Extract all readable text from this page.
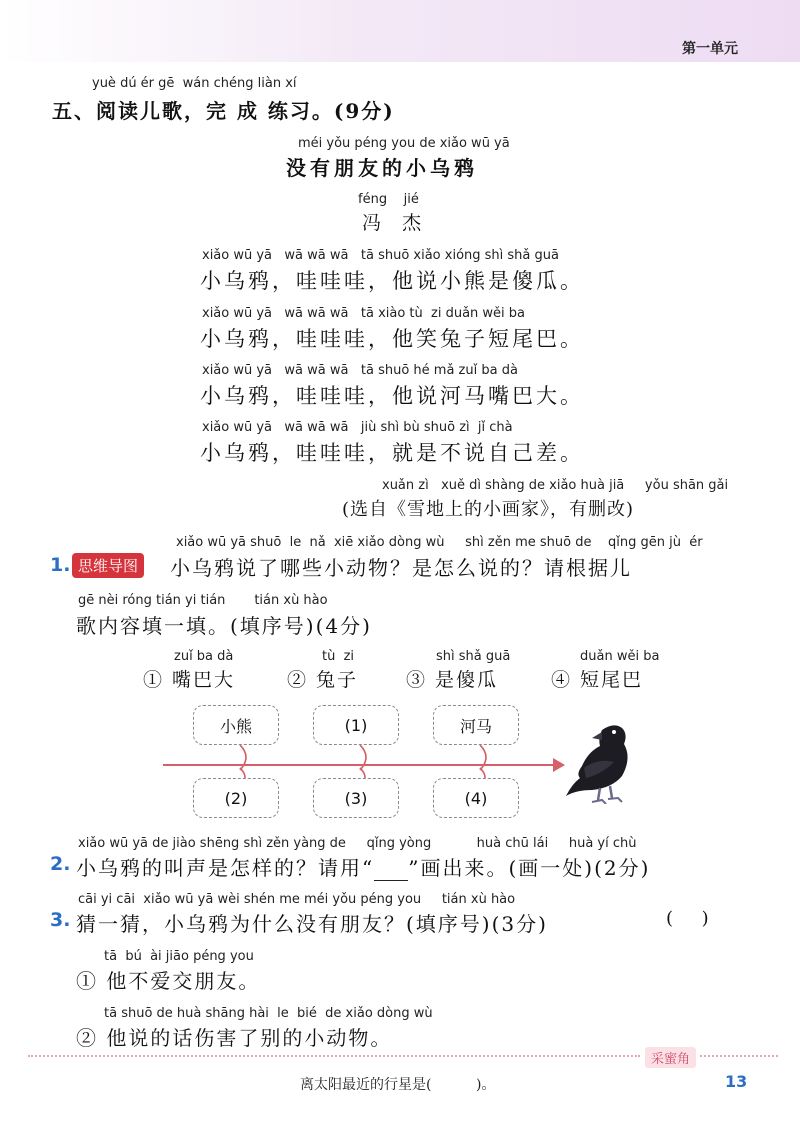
第一单元
yuè dú ér gē  wán chéng liàn xí
五、阅读儿歌，完 成 练习。(9分)
méi yǒu péng you de xiǎo wū yā
没有朋友的小乌鸦
féng    jié
冯  杰
xiǎo wū yā   wā wā wā   tā shuō xiǎo xióng shì shǎ guā
小乌鸦，哇哇哇，他说小熊是傻瓜。
xiǎo wū yā   wā wā wā   tā xiào tù  zi duǎn wěi ba
小乌鸦，哇哇哇，他笑兔子短尾巴。
xiǎo wū yā   wā wā wā   tā shuō hé mǎ zuǐ ba dà
小乌鸦，哇哇哇，他说河马嘴巴大。
xiǎo wū yā   wā wā wā   jiù shì bù shuō zì  jǐ chà
小乌鸦，哇哇哇，就是不说自己差。
xuǎn zì   xuě dì shàng de xiǎo huà jiā     yǒu shān gǎi
(选自《雪地上的小画家》，有删改)
xiǎo wū yā shuō  le  nǎ  xiē xiǎo dòng wù     shì zěn me shuō de    qǐng gēn jù  ér
1. 思维导图	小乌鸦说了哪些小动物？是怎么说的？请根据儿
gē nèi róng tián yi tián       tián xù hào
歌内容填一填。(填序号)(4分)
zuǐ ba dà
① 嘴巴大
tù  zi
② 兔子
shì shǎ guā
③ 是傻瓜
duǎn wěi ba
④ 短尾巴
小熊	(1)	河马
(2)	(3)	(4)
xiǎo wū yā de jiào shēng shì zěn yàng de     qǐng yòng           huà chū lái     huà yí chù
2. 小乌鸦的叫声是怎样的？请用“ ”画出来。(画一处)(2分)
cāi yi cāi  xiǎo wū yā wèi shén me méi yǒu péng you     tián xù hào
3. 猜一猜，小乌鸦为什么没有朋友？(填序号)(3分)	(     )
tā  bú  ài jiāo péng you
① 他不爱交朋友。
tā shuō de huà shāng hài  le  bié  de xiǎo dòng wù
② 他说的话伤害了别的小动物。
采蜜角
离太阳最近的行星是(          )。	13
